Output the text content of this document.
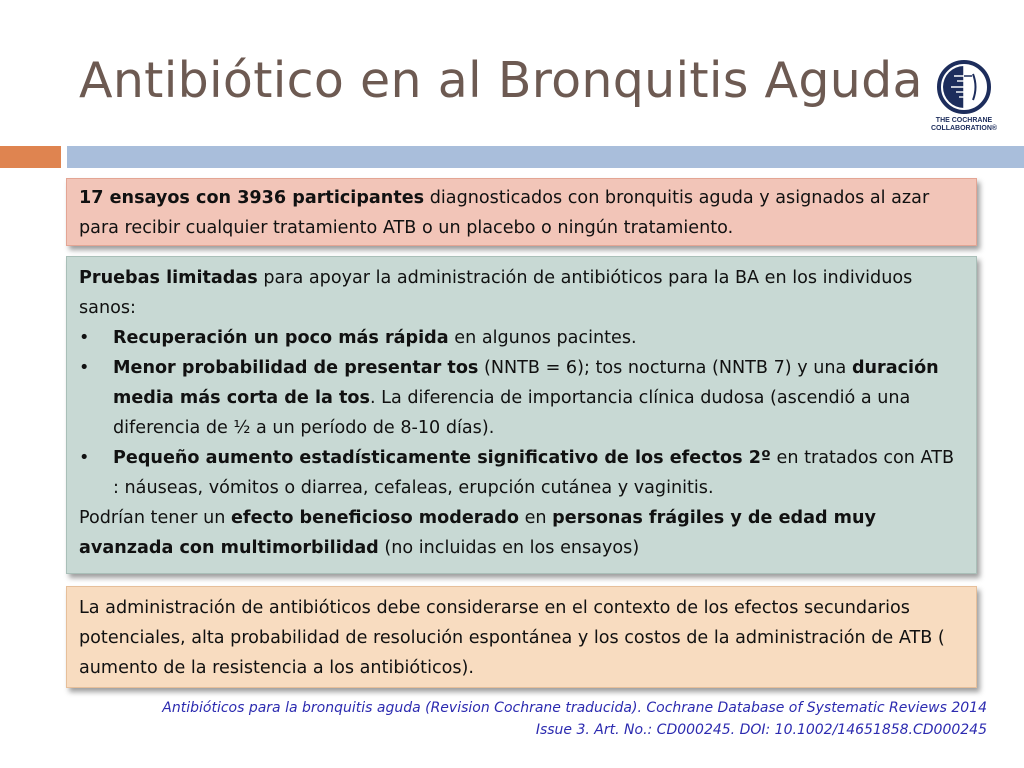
Antibiótico en al Bronquitis Aguda
THE COCHRANE
COLLABORATION®
17 ensayos con 3936 participantes diagnosticados con bronquitis aguda y asignados al azar para recibir cualquier tratamiento ATB o un placebo o ningún tratamiento.
Pruebas limitadas para apoyar la administración de antibióticos para la BA en los individuos sanos:
•	Recuperación un poco más rápida en algunos pacintes.
•	Menor probabilidad de presentar tos (NNTB = 6); tos nocturna (NNTB 7) y una duración media más corta de la tos. La diferencia de importancia clínica dudosa (ascendió a una diferencia de ½ a un período de 8-10 días).
•	Pequeño aumento estadísticamente significativo de los efectos 2º en tratados con ATB : náuseas, vómitos o diarrea, cefaleas, erupción cutánea y vaginitis.
Podrían tener un efecto beneficioso moderado en personas frágiles y de edad muy avanzada con multimorbilidad (no incluidas en los ensayos)
La administración de antibióticos debe considerarse en el contexto de los efectos secundarios potenciales, alta probabilidad de resolución espontánea y los costos de la administración de ATB ( aumento de la resistencia a los antibióticos).
Antibióticos para la bronquitis aguda (Revision Cochrane traducida). Cochrane Database of Systematic Reviews 2014
Issue 3. Art. No.: CD000245. DOI: 10.1002/14651858.CD000245
